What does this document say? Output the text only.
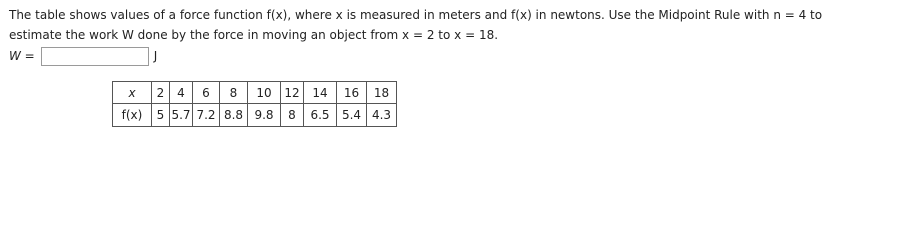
The table shows values of a force function f(x), where x is measured in meters and f(x) in newtons. Use the Midpoint Rule with n = 4 to

estimate the work W done by the force in moving an object from x = 2 to x = 18.

W =	J
x	2	4	6	8	10	12	14	16	18
f(x)	5	5.7	7.2	8.8	9.8	8	6.5	5.4	4.3
